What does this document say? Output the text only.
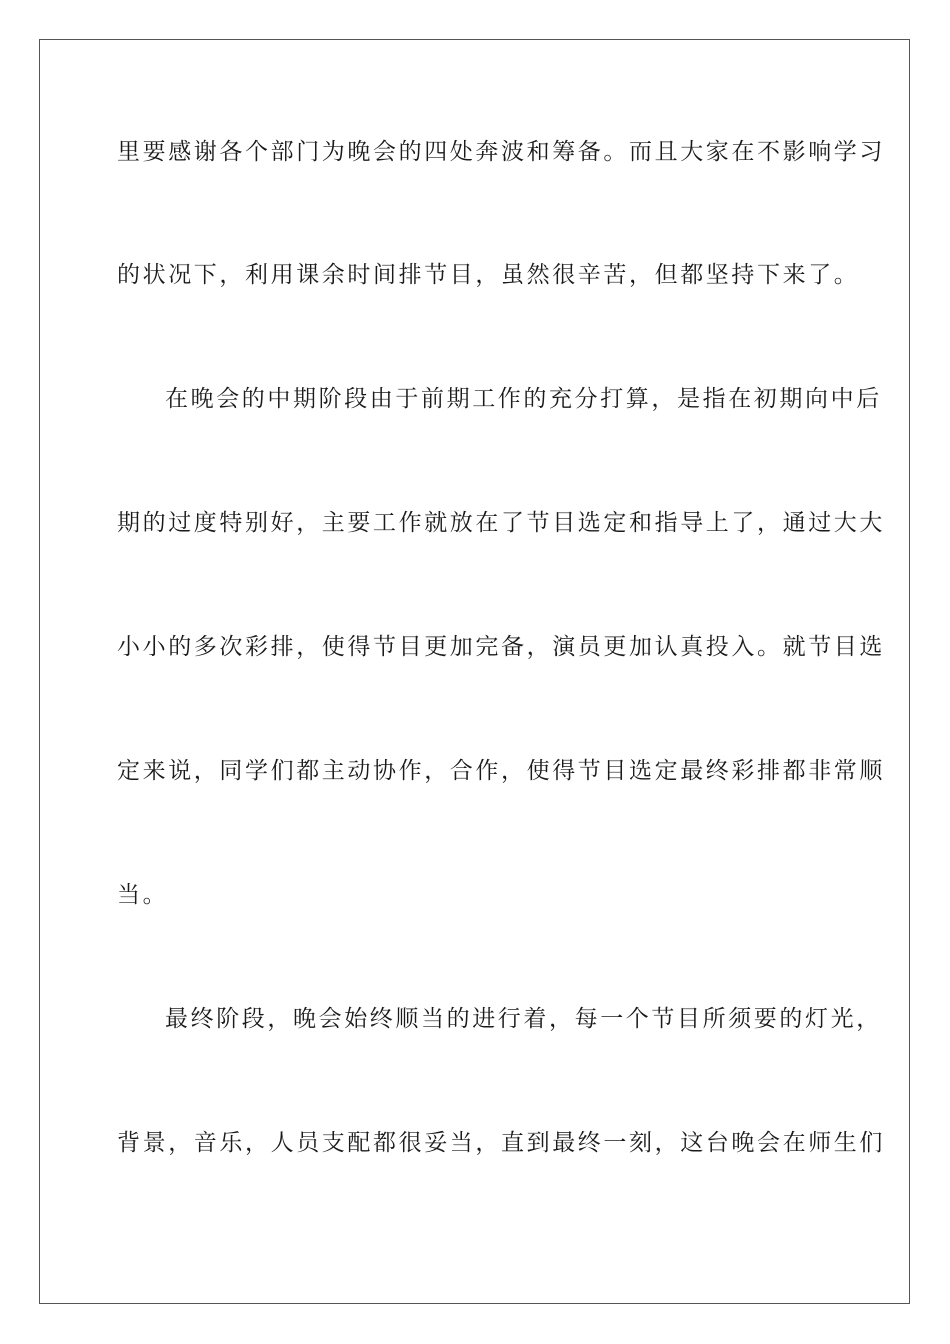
里要感谢各个部门为晚会的四处奔波和筹备。而且大家在不影响学习
的状况下，利用课余时间排节目，虽然很辛苦，但都坚持下来了。
在晚会的中期阶段由于前期工作的充分打算，是指在初期向中后
期的过度特别好，主要工作就放在了节目选定和指导上了，通过大大
小小的多次彩排，使得节目更加完备，演员更加认真投入。就节目选
定来说，同学们都主动协作，合作，使得节目选定最终彩排都非常顺
当。
最终阶段，晚会始终顺当的进行着，每一个节目所须要的灯光，
背景，音乐，人员支配都很妥当，直到最终一刻，这台晚会在师生们
